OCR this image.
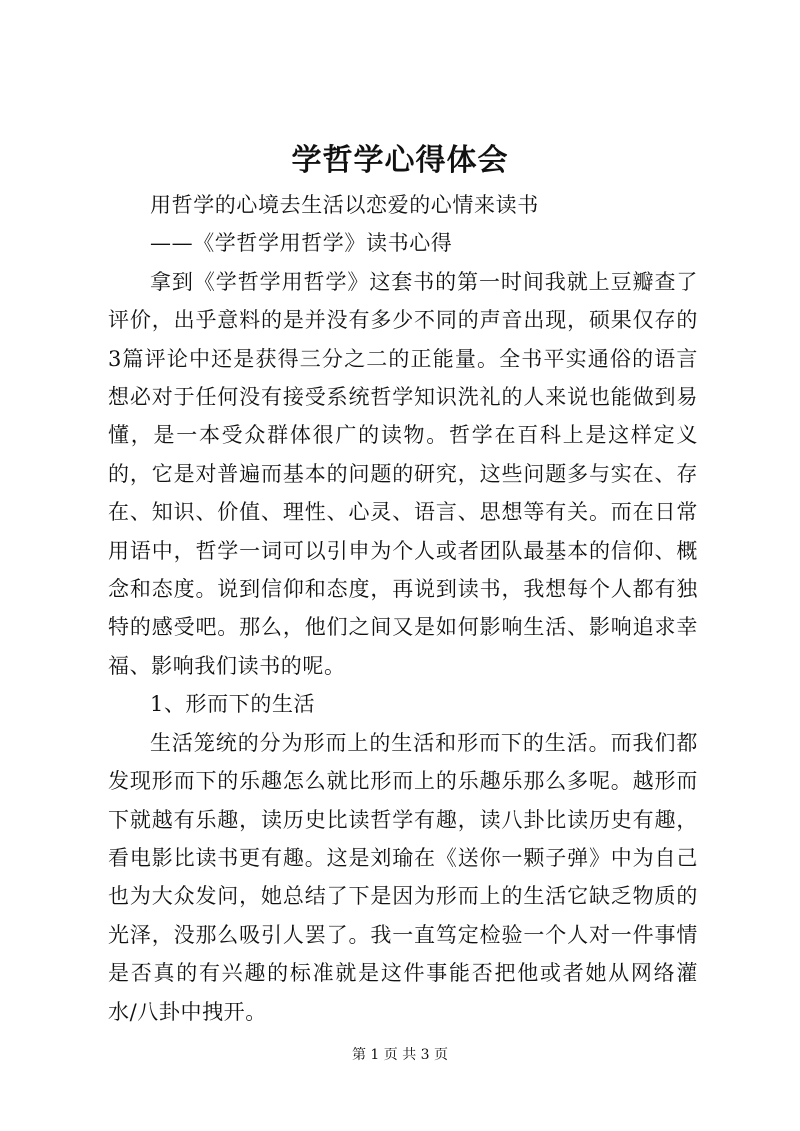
学哲学心得体会

用哲学的心境去生活以恋爱的心情来读书

——《学哲学用哲学》读书心得

拿到《学哲学用哲学》这套书的第一时间我就上豆瓣查了评价，出乎意料的是并没有多少不同的声音出现，硕果仅存的3篇评论中还是获得三分之二的正能量。全书平实通俗的语言想必对于任何没有接受系统哲学知识洗礼的人来说也能做到易懂，是一本受众群体很广的读物。哲学在百科上是这样定义的，它是对普遍而基本的问题的研究，这些问题多与实在、存在、知识、价值、理性、心灵、语言、思想等有关。而在日常用语中，哲学一词可以引申为个人或者团队最基本的信仰、概念和态度。说到信仰和态度，再说到读书，我想每个人都有独特的感受吧。那么，他们之间又是如何影响生活、影响追求幸福、影响我们读书的呢。

1、形而下的生活

生活笼统的分为形而上的生活和形而下的生活。而我们都发现形而下的乐趣怎么就比形而上的乐趣乐那么多呢。越形而下就越有乐趣，读历史比读哲学有趣，读八卦比读历史有趣，看电影比读书更有趣。这是刘瑜在《送你一颗子弹》中为自己也为大众发问，她总结了下是因为形而上的生活它缺乏物质的光泽，没那么吸引人罢了。我一直笃定检验一个人对一件事情是否真的有兴趣的标准就是这件事能否把他或者她从网络灌水/八卦中拽开。

第 1 页 共 3 页
